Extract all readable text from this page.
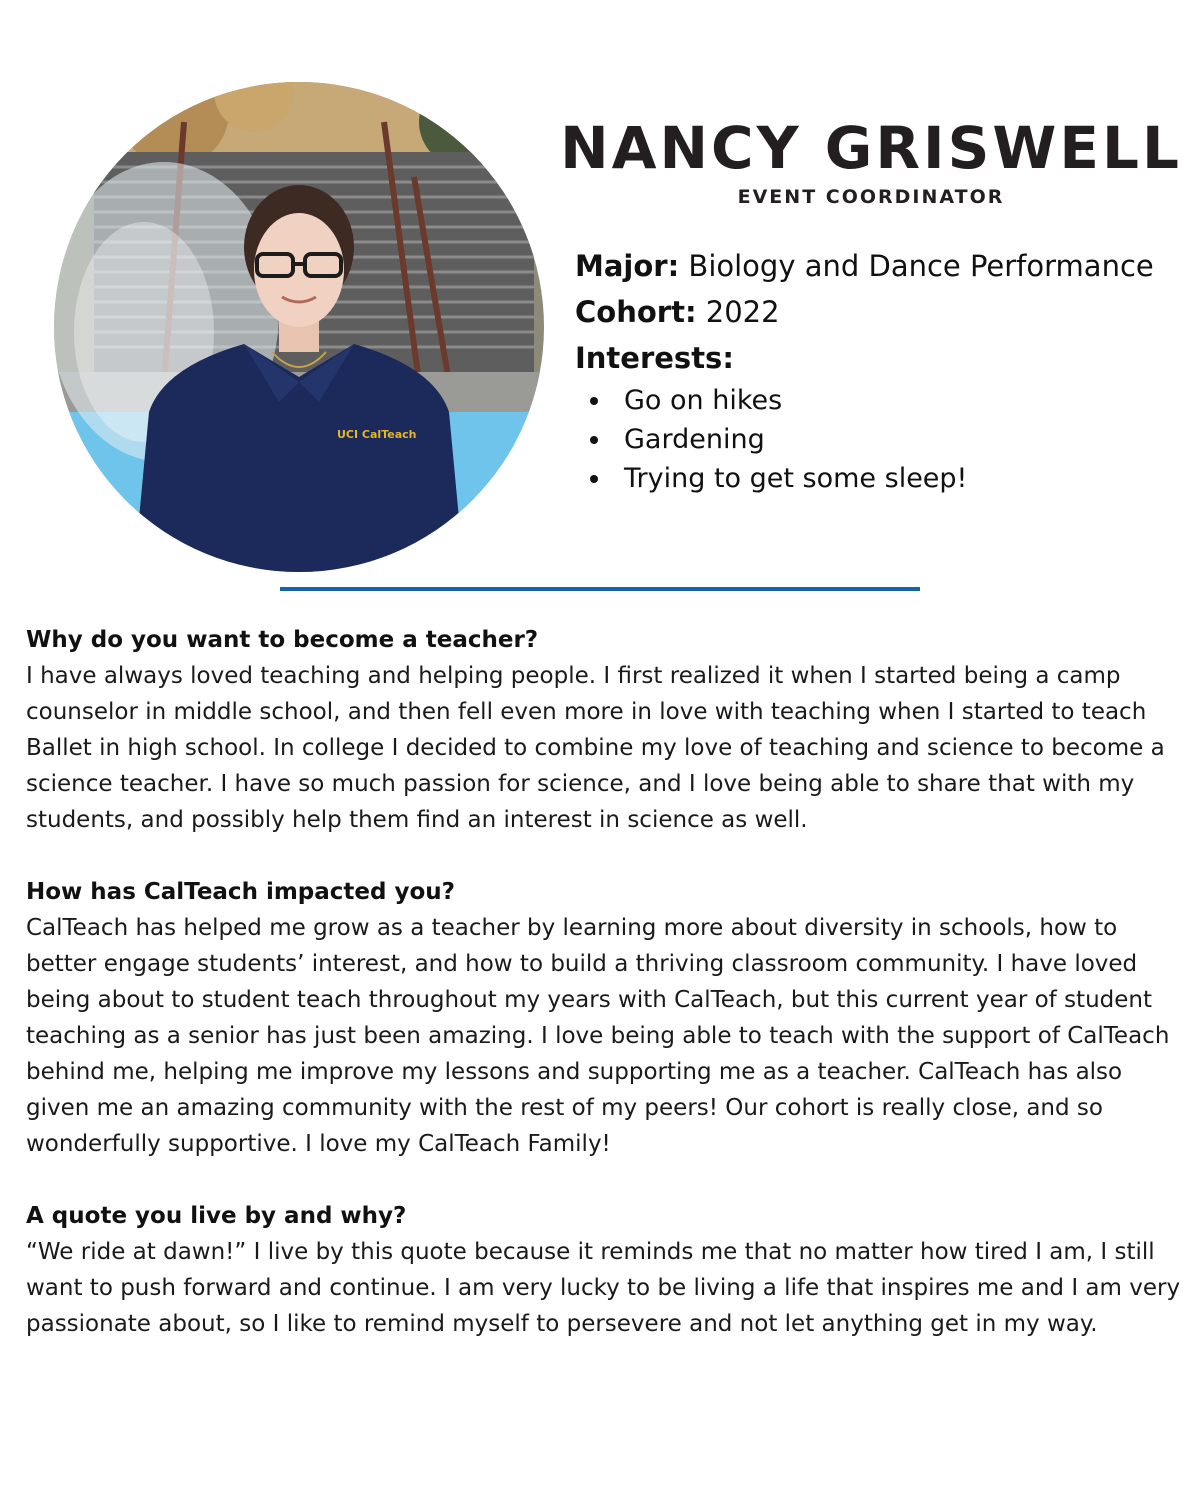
UCI CalTeach
NANCY GRISWELL
EVENT COORDINATOR
Major: Biology and Dance Performance
Cohort: 2022
Interests:
Go on hikes
Gardening
Trying to get some sleep!

Why do you want to become a teacher?

I have always loved teaching and helping people. I first realized it when I started being a camp counselor in middle school, and then fell even more in love with teaching when I started to teach Ballet in high school. In college I decided to combine my love of teaching and science to become a science teacher. I have so much passion for science, and I love being able to share that with my students, and possibly help them find an interest in science as well.

How has CalTeach impacted you?

CalTeach has helped me grow as a teacher by learning more about diversity in schools, how to better engage students’ interest, and how to build a thriving classroom community. I have loved being about to student teach throughout my years with CalTeach, but this current year of student teaching as a senior has just been amazing. I love being able to teach with the support of CalTeach behind me, helping me improve my lessons and supporting me as a teacher. CalTeach has also given me an amazing community with the rest of my peers! Our cohort is really close, and so wonderfully supportive. I love my CalTeach Family!

A quote you live by and why?

“We ride at dawn!” I live by this quote because it reminds me that no matter how tired I am, I still want to push forward and continue. I am very lucky to be living a life that inspires me and I am very passionate about, so I like to remind myself to persevere and not let anything get in my way.
